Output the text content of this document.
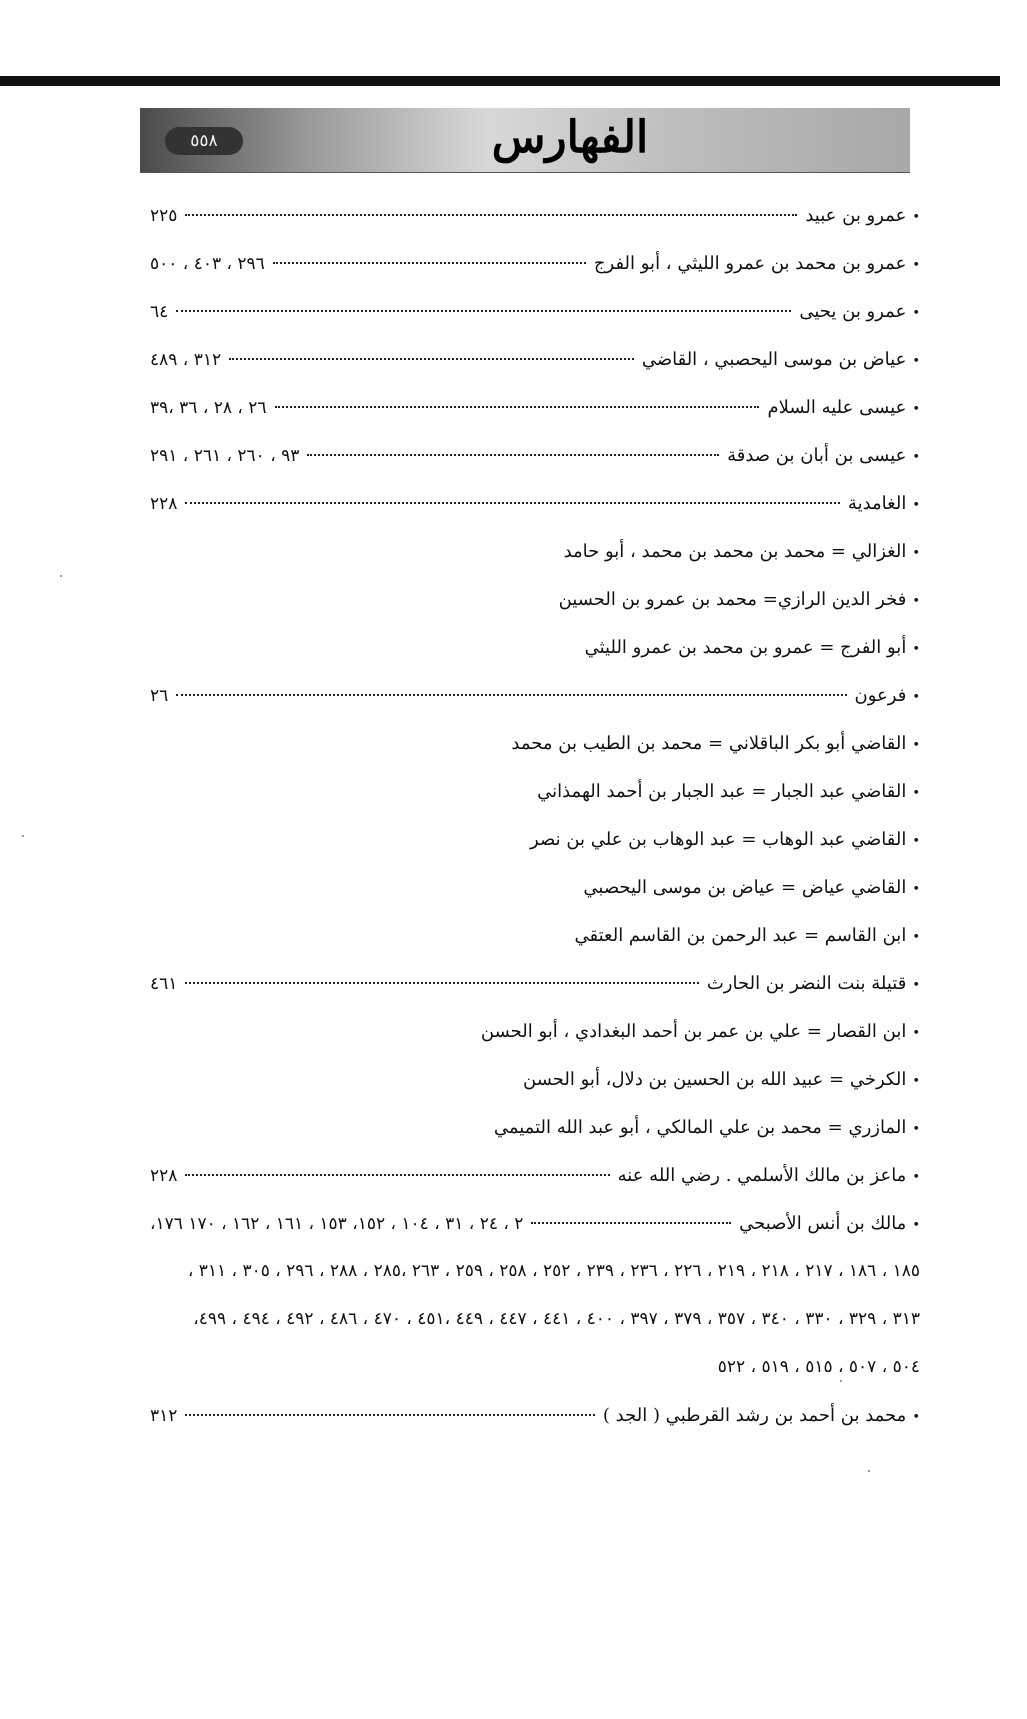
الفهارس
٥٥٨
•
عمرو بن عبيد
٢٢٥
•
عمرو بن محمد بن عمرو الليثي ، أبو الفرج
٢٩٦ ، ٤٠٣ ، ٥٠٠
•
عمرو بن يحيى
٦٤
•
عياض بن موسى اليحصبي ، القاضي
٣١٢ ، ٤٨٩
•
عيسى عليه السلام
٢٦ ، ٢٨ ، ٣٦ ،٣٩
•
عيسى بن أبان بن صدقة
٩٣ ، ٢٦٠ ، ٢٦١ ، ٢٩١
•
الغامدية
٢٢٨
•
الغزالي = محمد بن محمد بن محمد ، أبو حامد
•
فخر الدين الرازي= محمد بن عمرو بن الحسين
•
أبو الفرج = عمرو بن محمد بن عمرو الليثي
•
فرعون
٢٦
•
القاضي أبو بكر الباقلاني = محمد بن الطيب بن محمد
•
القاضي عبد الجبار = عبد الجبار بن أحمد الهمذاني
•
القاضي عبد الوهاب = عبد الوهاب بن علي بن نصر
•
القاضي عياض = عياض بن موسى اليحصبي
•
ابن القاسم = عبد الرحمن بن القاسم العتقي
•
قتيلة بنت النضر بن الحارث
٤٦١
•
ابن القصار = علي بن عمر بن أحمد البغدادي ، أبو الحسن
•
الكرخي = عبيد الله بن الحسين بن دلال، أبو الحسن
•
المازري = محمد بن علي المالكي ، أبو عبد الله التميمي
•
ماعز بن مالك الأسلمي . رضي الله عنه
٢٢٨
•
مالك بن أنس الأصبحي
٢ ، ٢٤ ، ٣١ ، ١٠٤ ، ١٥٢، ١٥٣ ، ١٦١ ، ١٦٢ ، ١٧٠ ١٧٦،
١٨٥ ، ١٨٦ ، ٢١٧ ، ٢١٨ ، ٢١٩ ، ٢٢٦ ، ٢٣٦ ، ٢٣٩ ، ٢٥٢ ، ٢٥٨ ، ٢٥٩ ، ٢٦٣ ،٢٨٥ ، ٢٨٨ ، ٢٩٦ ، ٣٠٥ ، ٣١١ ،
٣١٣ ، ٣٢٩ ، ٣٣٠ ، ٣٤٠ ، ٣٥٧ ، ٣٧٩ ، ٣٩٧ ، ٤٠٠ ، ٤٤١ ، ٤٤٧ ، ٤٤٩ ،٤٥١ ، ٤٧٠ ، ٤٨٦ ، ٤٩٢ ، ٤٩٤ ، ٤٩٩،
٥٠٤ ، ٥٠٧ ، ٥١٥ ، ٥١٩ ، ٥٢٢
•
محمد بن أحمد بن رشد القرطبي ( الجد )
٣١٢
